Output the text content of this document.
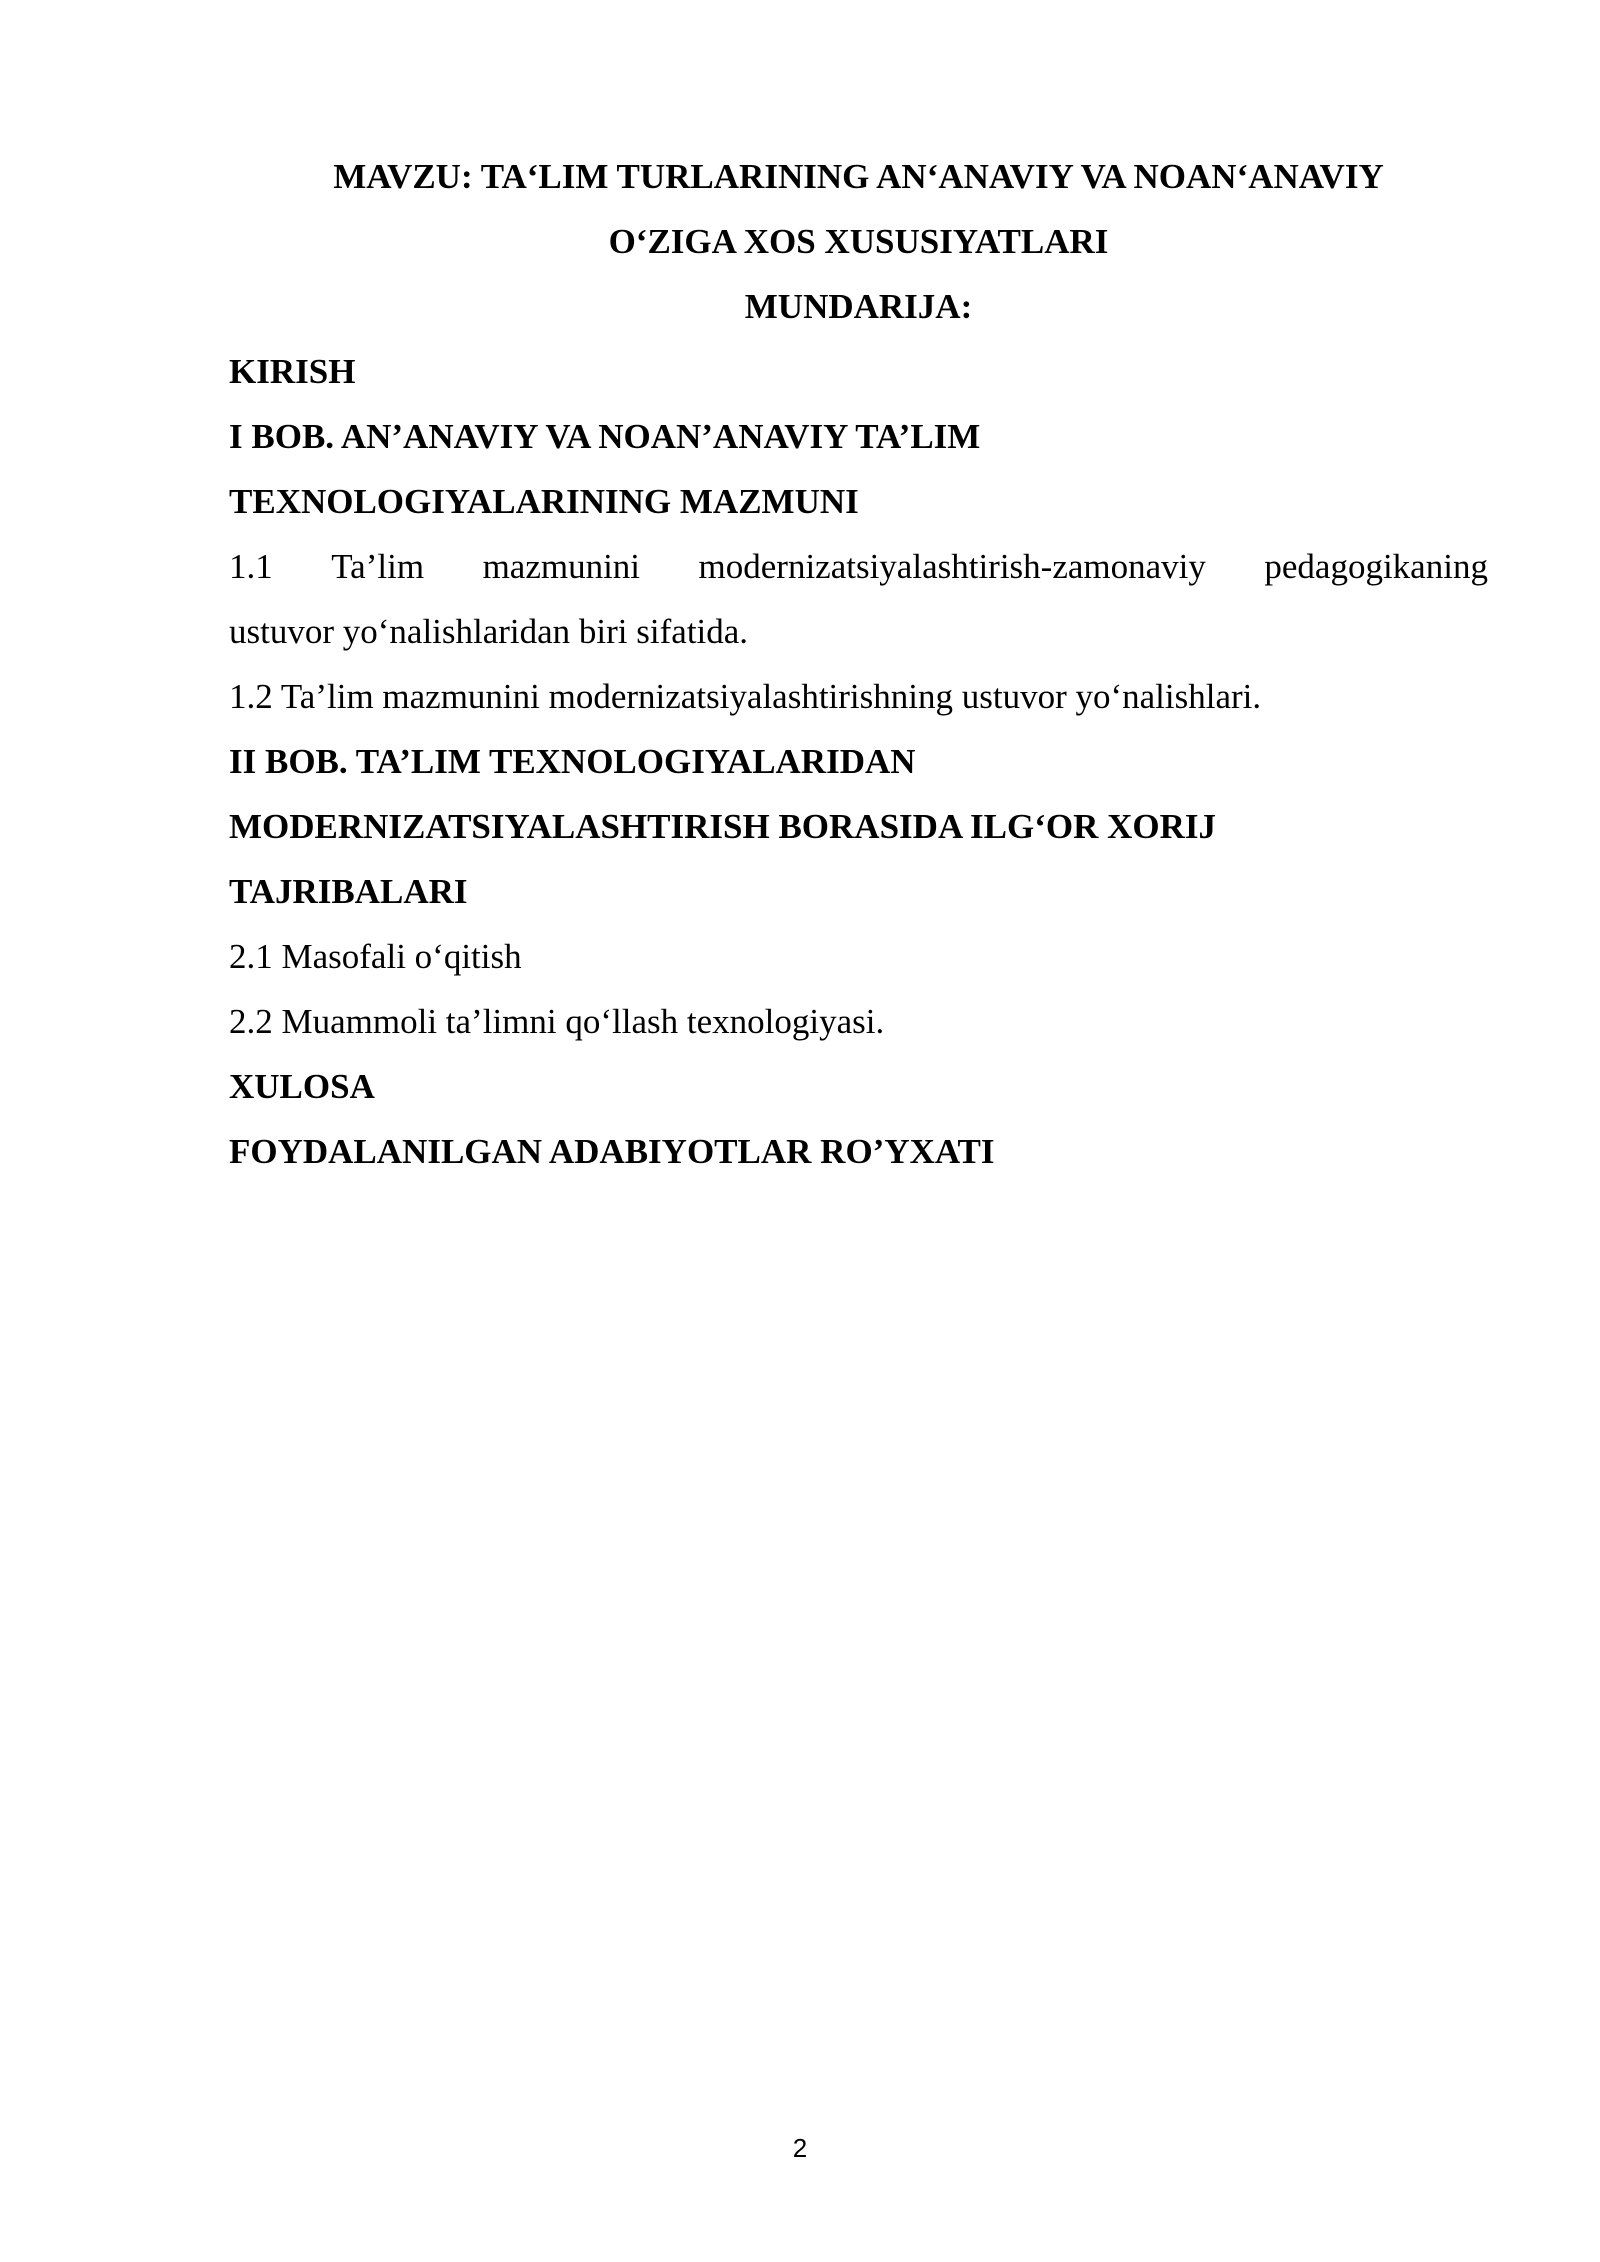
MAVZU: TA‘LIM TURLARINING AN‘ANAVIY VA NOAN‘ANAVIY

O‘ZIGA XOS XUSUSIYATLARI

MUNDARIJA:

KIRISH

I BOB. AN’ANAVIY VA NOAN’ANAVIY TA’LIM

TEXNOLOGIYALARINING MAZMUNI

1.1 Ta’lim mazmunini modernizatsiyalashtirish-zamonaviy pedagogikaning

ustuvor yo‘nalishlaridan biri sifatida.

1.2 Ta’lim mazmunini modernizatsiyalashtirishning ustuvor yo‘nalishlari.

II BOB. TA’LIM TEXNOLOGIYALARIDAN

MODERNIZATSIYALASHTIRISH BORASIDA ILG‘OR XORIJ

TAJRIBALARI

2.1 Masofali o‘qitish

2.2 Muammoli ta’limni qo‘llash texnologiyasi.

XULOSA

FOYDALANILGAN ADABIYOTLAR RO’YXATI

2
